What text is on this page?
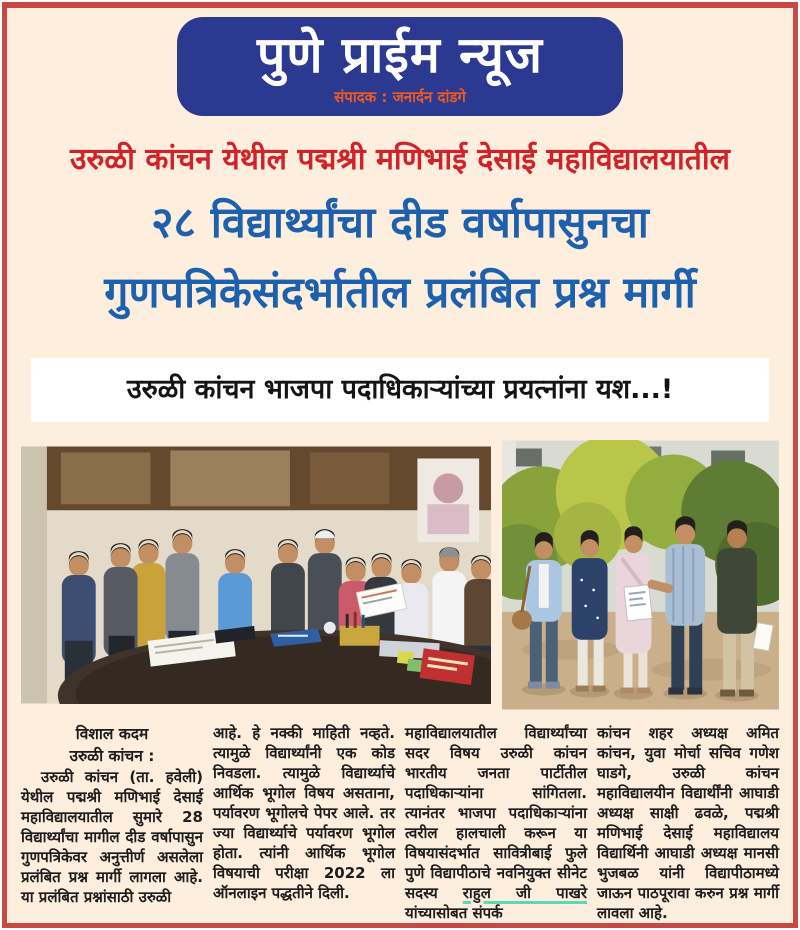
पुणे प्राईम न्यूज
संपादक : जनार्दन दांडगे
उरुळी कांचन येथील पद्मश्री मणिभाई देसाई महाविद्यालयातील
२८ विद्यार्थ्यांचा दीड वर्षापासुनचा
गुणपत्रिकेसंदर्भातील प्रलंबित प्रश्न मार्गी
उरुळी कांचन भाजपा पदाधिकाऱ्यांच्या प्रयत्नांना यश...!
विशाल कदम
उरुळी कांचन :

उरुळी कांचन (ता. हवेली) येथील पद्मश्री मणिभाई देसाई महाविद्यालयातील सुमारे 28 विद्यार्थ्यांचा मागील दीड वर्षापासुन गुणपत्रिकेवर अनुत्तीर्ण असलेला प्रलंबित प्रश्न मार्गी लागला आहे. या प्रलंबित प्रश्नांसाठी उरुळी

आहे. हे नक्की माहिती नव्हते. त्यामुळे विद्यार्थ्यांनी एक कोड निवडला. त्यामुळे विद्यार्थ्याचे आर्थिक भूगोल विषय असताना, पर्यावरण भूगोलचे पेपर आले. तर ज्या विद्यार्थ्याचे पर्यावरण भूगोल होता. त्यांनी आर्थिक भूगोल विषयाची परीक्षा 2022 ला ऑनलाइन पद्धतीने दिली.

महाविद्यालयातील विद्यार्थ्यांच्या सदर विषय उरुळी कांचन भारतीय जनता पार्टीतील पदाधिकाऱ्यांना सांगितला. त्यानंतर भाजपा पदाधिकाऱ्यांना त्वरील हालचाली करून या विषयासंदर्भात सावित्रीबाई फुले पुणे विद्यापीठाचे नवनियुक्त सीनेट सदस्य राहुल जी पाखरे यांच्यासोबत संपर्क

कांचन शहर अध्यक्ष अमित कांचन, युवा मोर्चा सचिव गणेश घाडगे, उरुळी कांचन महाविद्यालयीन विद्यार्थींनी आघाडी अध्यक्ष साक्षी ढवळे, पद्मश्री मणिभाई देसाई महाविद्यालय विद्यार्थिनी आघाडी अध्यक्ष मानसी भुजबळ यांनी विद्यापीठामध्ये जाऊन पाठपूरावा करुन प्रश्न मार्गी लावला आहे.
